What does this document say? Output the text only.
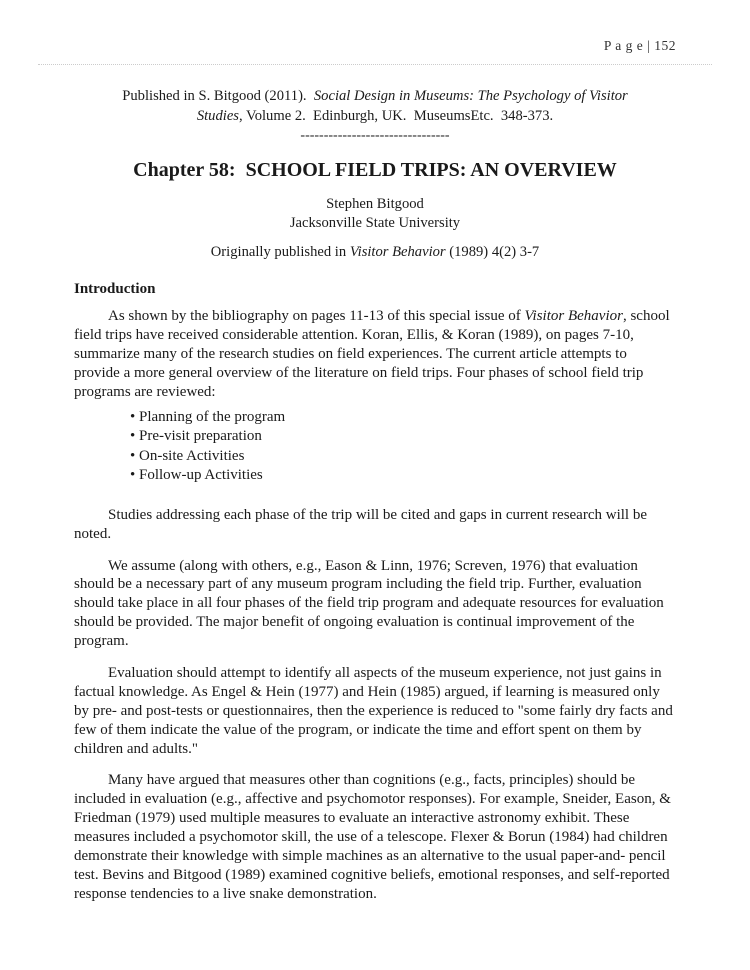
P a g e | 152

Published in S. Bitgood (2011).  Social Design in Museums: The Psychology of Visitor Studies, Volume 2.  Edinburgh, UK.  MuseumsEtc.  348-373.

--------------------------------
Chapter 58:  SCHOOL FIELD TRIPS: AN OVERVIEW
Stephen Bitgood
Jacksonville State University

Originally published in Visitor Behavior (1989) 4(2) 3-7

Introduction

As shown by the bibliography on pages 11-13 of this special issue of Visitor Behavior, school field trips have received considerable attention. Koran, Ellis, & Koran (1989), on pages 7-10, summarize many of the research studies on field experiences. The current article attempts to provide a more general overview of the literature on field trips. Four phases of school field trip programs are reviewed:

• Planning of the program
• Pre-visit preparation
• On-site Activities
• Follow-up Activities

Studies addressing each phase of the trip will be cited and gaps in current research will be noted.

We assume (along with others, e.g., Eason & Linn, 1976; Screven, 1976) that evaluation should be a necessary part of any museum program including the field trip. Further, evaluation should take place in all four phases of the field trip program and adequate resources for evaluation should be provided. The major benefit of ongoing evaluation is continual improvement of the program.

Evaluation should attempt to identify all aspects of the museum experience, not just gains in factual knowledge. As Engel & Hein (1977) and Hein (1985) argued, if learning is measured only by pre- and post-tests or questionnaires, then the experience is reduced to "some fairly dry facts and few of them indicate the value of the program, or indicate the time and effort spent on them by children and adults."

Many have argued that measures other than cognitions (e.g., facts, principles) should be included in evaluation (e.g., affective and psychomotor responses). For example, Sneider, Eason, & Friedman (1979) used multiple measures to evaluate an interactive astronomy exhibit. These measures included a psychomotor skill, the use of a telescope. Flexer & Borun (1984) had children demonstrate their knowledge with simple machines as an alternative to the usual paper-and- pencil test. Bevins and Bitgood (1989) examined cognitive beliefs, emotional responses, and self-reported response tendencies to a live snake demonstration.
